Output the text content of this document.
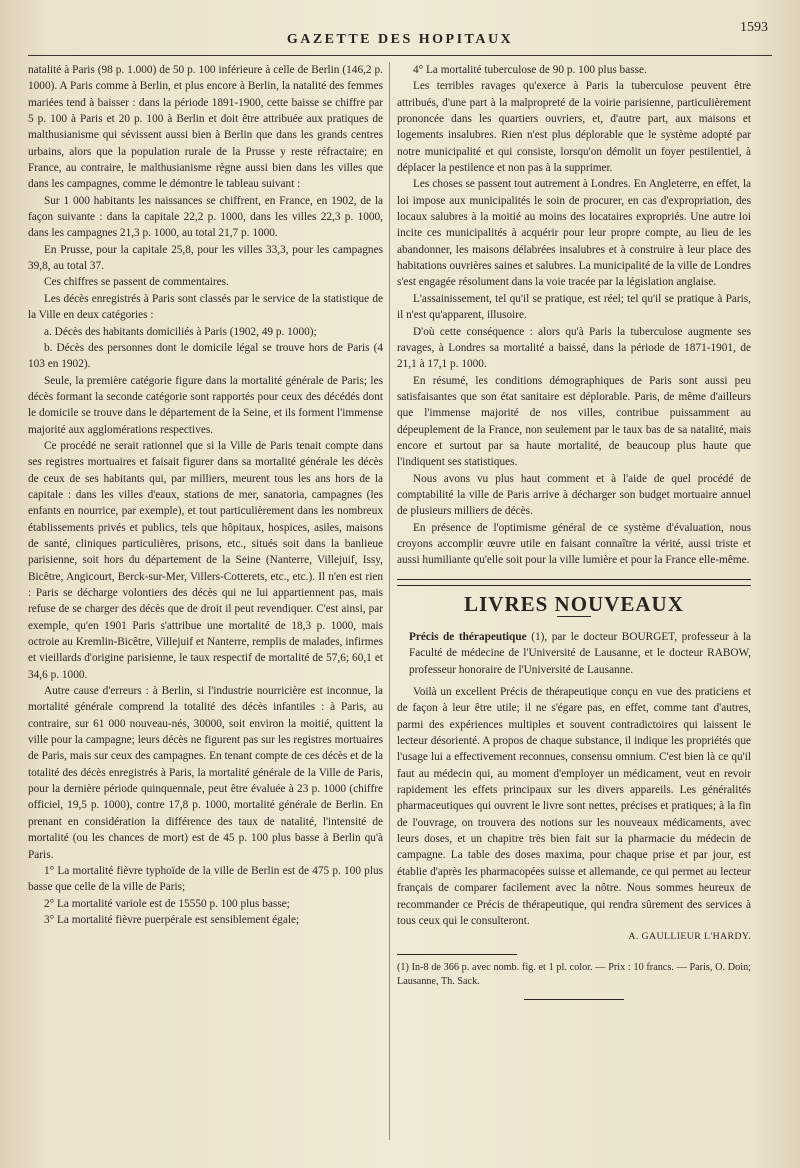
GAZETTE DES HOPITAUX
1593

natalité à Paris (98 p. 1.000) de 50 p. 100 inférieure à celle de Berlin (146,2 p. 1000). A Paris comme à Berlin, et plus encore à Berlin, la natalité des femmes mariées tend à baisser : dans la période 1891-1900, cette baisse se chiffre par 5 p. 100 à Paris et 20 p. 100 à Berlin et doit être attribuée aux pratiques de malthusianisme qui sévissent aussi bien à Berlin que dans les grands centres urbains, alors que la population rurale de la Prusse y reste réfractaire; en France, au contraire, le malthusianisme règne aussi bien dans les villes que dans les campagnes, comme le démontre le tableau suivant :

Sur 1 000 habitants les naissances se chiffrent, en France, en 1902, de la façon suivante : dans la capitale 22,2 p. 1000, dans les villes 22,3 p. 1000, dans les campagnes 21,3 p. 1000, au total 21,7 p. 1000.

En Prusse, pour la capitale 25,8, pour les villes 33,3, pour les campagnes 39,8, au total 37.

Ces chiffres se passent de commentaires.

Les décès enregistrés à Paris sont classés par le service de la statistique de la Ville en deux catégories :

a. Décès des habitants domiciliés à Paris (1902, 49 p. 1000);

b. Décès des personnes dont le domicile légal se trouve hors de Paris (4 103 en 1902).

Seule, la première catégorie figure dans la mortalité générale de Paris; les décès formant la seconde catégorie sont rapportés pour ceux des décédés dont le domicile se trouve dans le département de la Seine, et ils forment l'immense majorité aux agglomérations respectives.

Ce procédé ne serait rationnel que si la Ville de Paris tenait compte dans ses registres mortuaires et faisait figurer dans sa mortalité générale les décès de ceux de ses habitants qui, par milliers, meurent tous les ans hors de la capitale : dans les villes d'eaux, stations de mer, sanatoria, campagnes (les enfants en nourrice, par exemple), et tout particulièrement dans les nombreux établissements privés et publics, tels que hôpitaux, hospices, asiles, maisons de santé, cliniques particulières, prisons, etc., situés soit dans la banlieue parisienne, soit hors du département de la Seine (Nanterre, Villejuif, Issy, Bicêtre, Angicourt, Berck-sur-Mer, Villers-Cotterets, etc., etc.). Il n'en est rien : Paris se décharge volontiers des décès qui ne lui appartiennent pas, mais refuse de se charger des décès que de droit il peut revendiquer. C'est ainsi, par exemple, qu'en 1901 Paris s'attribue une mortalité de 18,3 p. 1000, mais octroie au Kremlin-Bicêtre, Villejuif et Nanterre, remplis de malades, infirmes et vieillards d'origine parisienne, le taux respectif de mortalité de 57,6; 60,1 et 34,6 p. 1000.

Autre cause d'erreurs : à Berlin, si l'industrie nourricière est inconnue, la mortalité générale comprend la totalité des décès infantiles : à Paris, au contraire, sur 61 000 nouveau-nés, 30000, soit environ la moitié, quittent la ville pour la campagne; leurs décès ne figurent pas sur les registres mortuaires de Paris, mais sur ceux des campagnes. En tenant compte de ces décès et de la totalité des décès enregistrés à Paris, la mortalité générale de la Ville de Paris, pour la dernière période quinquennale, peut être évaluée à 23 p. 1000 (chiffre officiel, 19,5 p. 1000), contre 17,8 p. 1000, mortalité générale de Berlin. En prenant en considération la différence des taux de natalité, l'intensité de mortalité (ou les chances de mort) est de 45 p. 100 plus basse à Berlin qu'à Paris.

1° La mortalité fièvre typhoïde de la ville de Berlin est de 475 p. 100 plus basse que celle de la ville de Paris;

2° La mortalité variole est de 15550 p. 100 plus basse;

3° La mortalité fièvre puerpérale est sensiblement égale;

4° La mortalité tuberculose de 90 p. 100 plus basse.

Les terribles ravages qu'exerce à Paris la tuberculose peuvent être attribués, d'une part à la malpropreté de la voirie parisienne, particulièrement prononcée dans les quartiers ouvriers, et, d'autre part, aux maisons et logements insalubres. Rien n'est plus déplorable que le système adopté par notre municipalité et qui consiste, lorsqu'on démolit un foyer pestilentiel, à déplacer la pestilence et non pas à la supprimer.

Les choses se passent tout autrement à Londres. En Angleterre, en effet, la loi impose aux municipalités le soin de procurer, en cas d'expropriation, des locaux salubres à la moitié au moins des locataires expropriés. Une autre loi incite ces municipalités à acquérir pour leur propre compte, au lieu de les abandonner, les maisons délabrées insalubres et à construire à leur place des habitations ouvrières saines et salubres. La municipalité de la ville de Londres s'est engagée résolument dans la voie tracée par la législation anglaise.

L'assainissement, tel qu'il se pratique, est réel; tel qu'il se pratique à Paris, il n'est qu'apparent, illusoire.

D'où cette conséquence : alors qu'à Paris la tuberculose augmente ses ravages, à Londres sa mortalité a baissé, dans la période de 1871-1901, de 21,1 à 17,1 p. 1000.

En résumé, les conditions démographiques de Paris sont aussi peu satisfaisantes que son état sanitaire est déplorable. Paris, de même d'ailleurs que l'immense majorité de nos villes, contribue puissamment au dépeuplement de la France, non seulement par le taux bas de sa natalité, mais encore et surtout par sa haute mortalité, de beaucoup plus haute que l'indiquent ses statistiques.

Nous avons vu plus haut comment et à l'aide de quel procédé de comptabilité la ville de Paris arrive à décharger son budget mortuaire annuel de plusieurs milliers de décès.

En présence de l'optimisme général de ce système d'évaluation, nous croyons accomplir œuvre utile en faisant connaître la vérité, aussi triste et aussi humiliante qu'elle soit pour la ville lumière et pour la France elle-même.

LIVRES NOUVEAUX

Précis de thérapeutique (1), par le docteur BOURGET, professeur à la Faculté de médecine de l'Université de Lausanne, et le docteur RABOW, professeur honoraire de l'Université de Lausanne.

Voilà un excellent Précis de thérapeutique conçu en vue des praticiens et de façon à leur être utile; il ne s'égare pas, en effet, comme tant d'autres, parmi des expériences multiples et souvent contradictoires qui laissent le lecteur désorienté. A propos de chaque substance, il indique les propriétés que l'usage lui a effectivement reconnues, consensu omnium. C'est bien là ce qu'il faut au médecin qui, au moment d'employer un médicament, veut en revoir rapidement les effets principaux sur les divers appareils. Les généralités pharmaceutiques qui ouvrent le livre sont nettes, précises et pratiques; à la fin de l'ouvrage, on trouvera des notions sur les nouveaux médicaments, avec leurs doses, et un chapitre très bien fait sur la pharmacie du médecin de campagne. La table des doses maxima, pour chaque prise et par jour, est établie d'après les pharmacopées suisse et allemande, ce qui permet au lecteur français de comparer facilement avec la nôtre. Nous sommes heureux de recommander ce Précis de thérapeutique, qui rendra sûrement des services à tous ceux qui le consulteront.

A. GAULLIEUR L'HARDY.

(1) In-8 de 366 p. avec nomb. fig. et 1 pl. color. — Prix : 10 francs. — Paris, O. Doin; Lausanne, Th. Sack.
